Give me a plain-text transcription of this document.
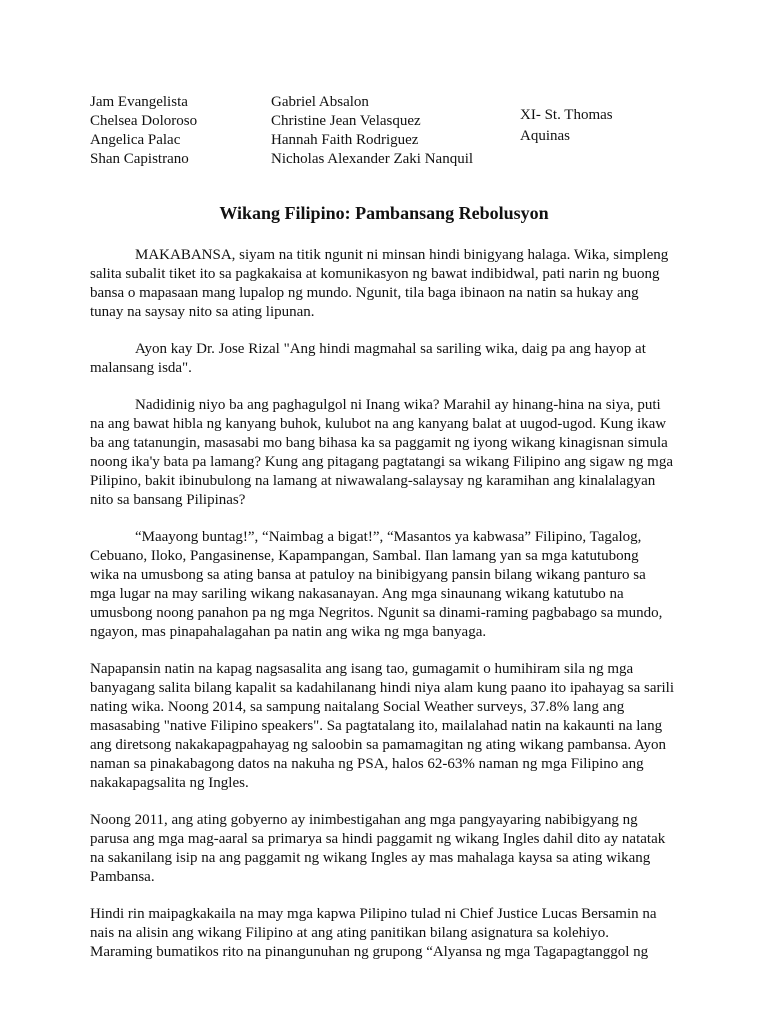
Jam Evangelista
Chelsea Doloroso
Angelica Palac
Shan Capistrano
Gabriel Absalon
Christine Jean Velasquez
Hannah Faith Rodriguez
Nicholas Alexander Zaki Nanquil
XI- St. Thomas
Aquinas
Wikang Filipino: Pambansang Rebolusyon

MAKABANSA, siyam na titik ngunit ni minsan hindi binigyang halaga. Wika, simpleng
salita subalit tiket ito sa pagkakaisa at komunikasyon ng bawat indibidwal, pati narin ng buong
bansa o mapasaan mang lupalop ng mundo. Ngunit, tila baga ibinaon na natin sa hukay ang
tunay na saysay nito sa ating lipunan.

Ayon kay Dr. Jose Rizal "Ang hindi magmahal sa sariling wika, daig pa ang hayop at
malansang isda".

Nadidinig niyo ba ang paghagulgol ni Inang wika? Marahil ay hinang-hina na siya, puti
na ang bawat hibla ng kanyang buhok, kulubot na ang kanyang balat at uugod-ugod. Kung ikaw
ba ang tatanungin, masasabi mo bang bihasa ka sa paggamit ng iyong wikang kinagisnan simula
noong ika'y bata pa lamang? Kung ang pitagang pagtatangi sa wikang Filipino ang sigaw ng mga
Pilipino, bakit ibinubulong na lamang at niwawalang-salaysay ng karamihan ang kinalalagyan
nito sa bansang Pilipinas?

“Maayong buntag!”, “Naimbag a bigat!”, “Masantos ya kabwasa” Filipino, Tagalog,
Cebuano, Iloko, Pangasinense, Kapampangan, Sambal. Ilan lamang yan sa mga katutubong
wika na umusbong sa ating bansa at patuloy na binibigyang pansin bilang wikang panturo sa
mga lugar na may sariling wikang nakasanayan. Ang mga sinaunang wikang katutubo na
umusbong noong panahon pa ng mga Negritos. Ngunit sa dinami-raming pagbabago sa mundo,
ngayon, mas pinapahalagahan pa natin ang wika ng mga banyaga.

Napapansin natin na kapag nagsasalita ang isang tao, gumagamit o humihiram sila ng mga
banyagang salita bilang kapalit sa kadahilanang hindi niya alam kung paano ito ipahayag sa sarili
nating wika. Noong 2014, sa sampung naitalang Social Weather surveys, 37.8% lang ang
masasabing "native Filipino speakers". Sa pagtatalang ito, mailalahad natin na kakaunti na lang
ang diretsong nakakapagpahayag ng saloobin sa pamamagitan ng ating wikang pambansa. Ayon
naman sa pinakabagong datos na nakuha ng PSA, halos 62-63% naman ng mga Filipino ang
nakakapagsalita ng Ingles.

Noong 2011, ang ating gobyerno ay inimbestigahan ang mga pangyayaring nabibigyang ng
parusa ang mga mag-aaral sa primarya sa hindi paggamit ng wikang Ingles dahil dito ay natatak
na sakanilang isip na ang paggamit ng wikang Ingles ay mas mahalaga kaysa sa ating wikang
Pambansa.

Hindi rin maipagkakaila na may mga kapwa Pilipino tulad ni Chief Justice Lucas Bersamin na
nais na alisin ang wikang Filipino at ang ating panitikan bilang asignatura sa kolehiyo.
Maraming bumatikos rito na pinangunuhan ng grupong “Alyansa ng mga Tagapagtanggol ng
